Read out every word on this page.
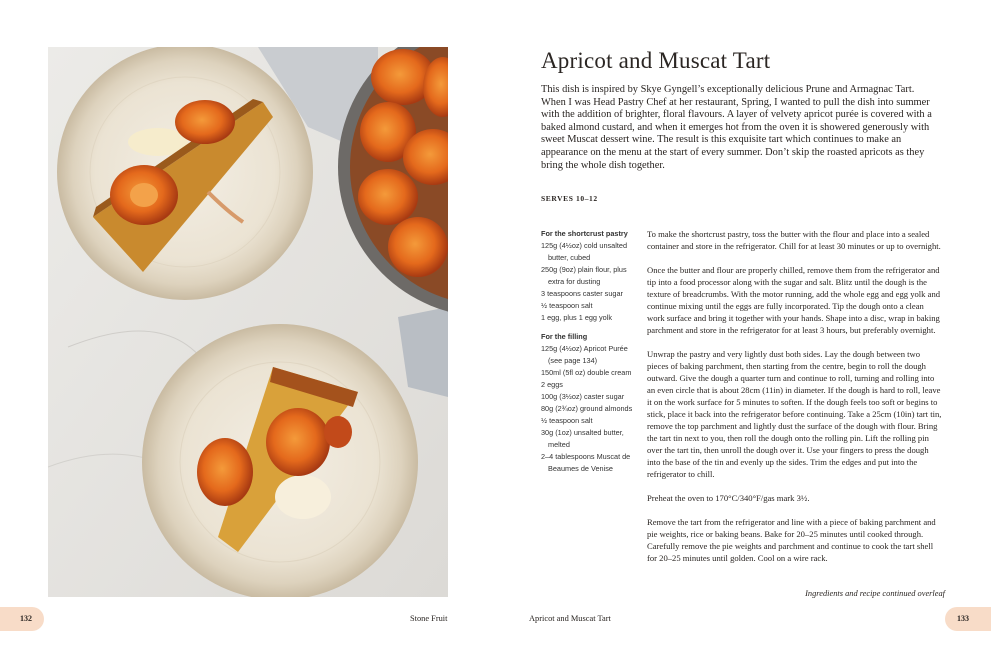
Apricot and Muscat Tart

This dish is inspired by Skye Gyngell’s exceptionally delicious Prune and Armagnac Tart. When I was Head Pastry Chef at her restaurant, Spring, I wanted to pull the dish into summer with the addition of brighter, floral flavours. A layer of velvety apricot purée is covered with a baked almond custard, and when it emerges hot from the oven it is showered generously with sweet Muscat dessert wine. The result is this exquisite tart which continues to make an appearance on the menu at the start of every summer. Don’t skip the roasted apricots as they bring the whole dish together.

SERVES 10–12
For the shortcrust pastry
125g (4½oz) cold unsalted butter, cubed
250g (9oz) plain flour, plus extra for dusting
3 teaspoons caster sugar
½ teaspoon salt
1 egg, plus 1 egg yolk
For the filling
125g (4½oz) Apricot Purée (see page 134)
150ml (5fl oz) double cream
2 eggs
100g (3½oz) caster sugar
80g (2¾oz) ground almonds
½ teaspoon salt
30g (1oz) unsalted butter, melted
2–4 tablespoons Muscat de Beaumes de Venise

To make the shortcrust pastry, toss the butter with the flour and place into a sealed container and store in the refrigerator. Chill for at least 30 minutes or up to overnight.

Once the butter and flour are properly chilled, remove them from the refrigerator and tip into a food processor along with the sugar and salt. Blitz until the dough is the texture of breadcrumbs. With the motor running, add the whole egg and egg yolk and continue mixing until the eggs are fully incorporated. Tip the dough onto a clean work surface and bring it together with your hands. Shape into a disc, wrap in baking parchment and store in the refrigerator for at least 3 hours, but preferably overnight.

Unwrap the pastry and very lightly dust both sides. Lay the dough between two pieces of baking parchment, then starting from the centre, begin to roll the dough outward. Give the dough a quarter turn and continue to roll, turning and rolling into an even circle that is about 28cm (11in) in diameter. If the dough is hard to roll, leave it on the work surface for 5 minutes to soften. If the dough feels too soft or begins to stick, place it back into the refrigerator before continuing. Take a 25cm (10in) tart tin, remove the top parchment and lightly dust the surface of the dough with flour. Bring the tart tin next to you, then roll the dough onto the rolling pin. Lift the rolling pin over the tart tin, then unroll the dough over it. Use your fingers to press the dough into the base of the tin and evenly up the sides. Trim the edges and put into the refrigerator to chill.

Preheat the oven to 170°C/340°F/gas mark 3½.

Remove the tart from the refrigerator and line with a piece of baking parchment and pie weights, rice or baking beans. Bake for 20–25 minutes until cooked through. Carefully remove the pie weights and parchment and continue to cook the tart shell for 20–25 minutes until golden. Cool on a wire rack.

Ingredients and recipe continued overleaf
132	Stone Fruit	Apricot and Muscat Tart	133
